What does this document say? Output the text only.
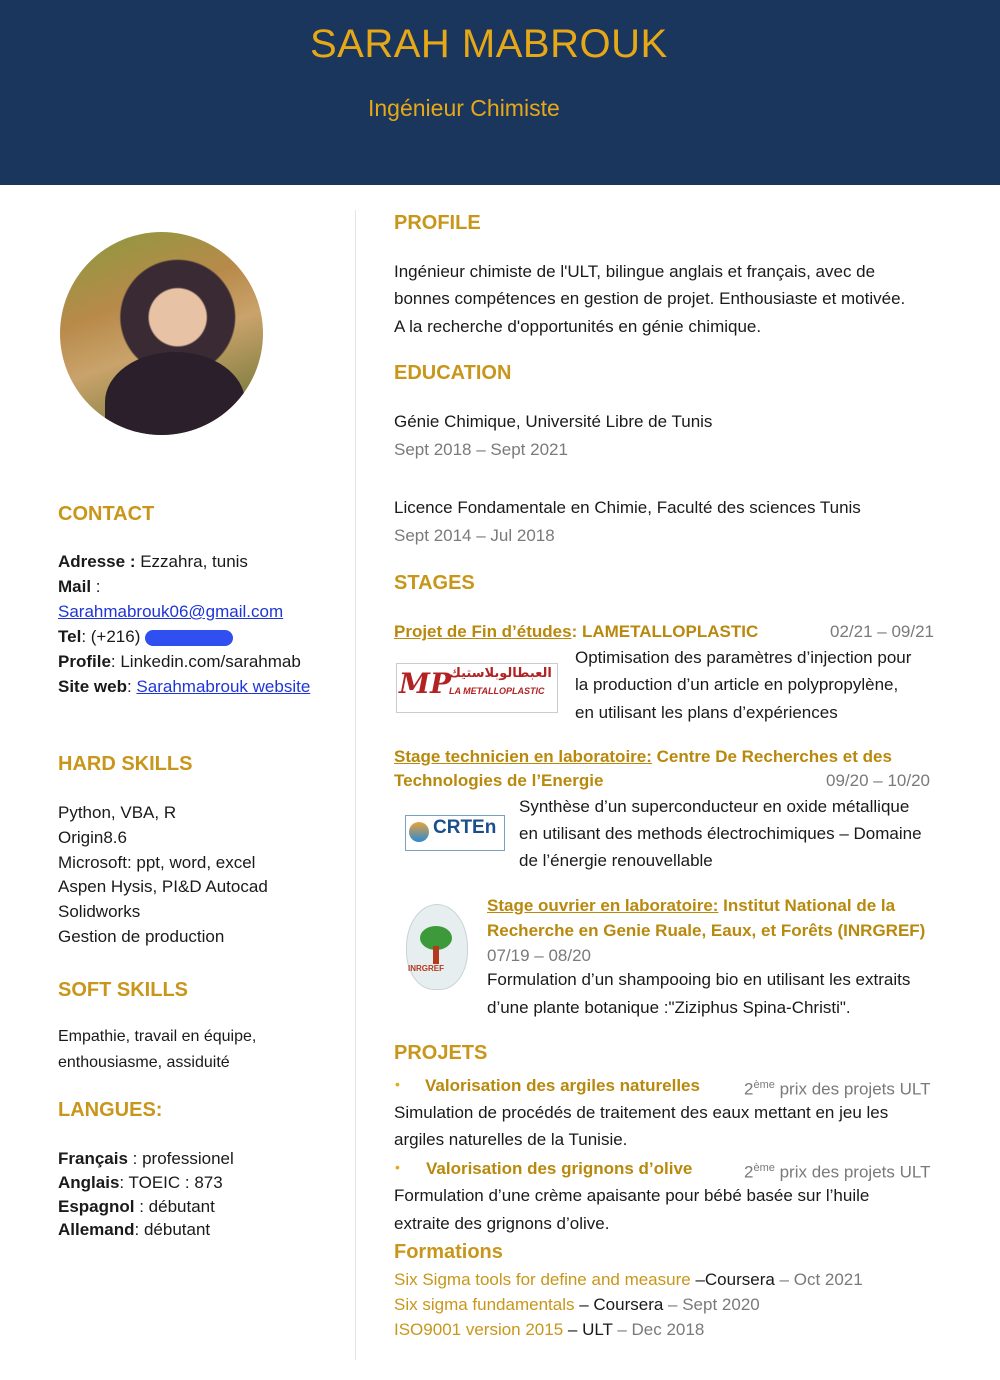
SARAH MABROUK
Ingénieur Chimiste
CONTACT
Adresse : Ezzahra, tunis
Mail :
Sarahmabrouk06@gmail.com
Tel: (+216)
Profile: Linkedin.com/sarahmab
Site web: Sarahmabrouk website
HARD SKILLS
Python, VBA, R
Origin8.6
Microsoft: ppt, word, excel
Aspen Hysis, PI&D Autocad
Solidworks
Gestion de production
SOFT SKILLS
Empathie, travail en équipe,
enthousiasme, assiduité
LANGUES:
Français : professionel
Anglais: TOEIC : 873
Espagnol : débutant
Allemand: débutant
PROFILE
Ingénieur chimiste de l'ULT, bilingue anglais et français, avec de
bonnes compétences en gestion de projet. Enthousiaste et motivée.
A la recherche d'opportunités en génie chimique.
EDUCATION
Génie Chimique, Université Libre de Tunis
Sept 2018 – Sept 2021
Licence Fondamentale en Chimie, Faculté des sciences Tunis
Sept 2014 – Jul 2018
STAGES
Projet de Fin d’études: LAMETALLOPLASTIC	02/21 – 09/21
MP
العبطالوبلاستيك
LA METALLOPLASTIC
Optimisation des paramètres d’injection pour
la production d’un article en polypropylène,
en utilisant les plans d’expériences
Stage technicien en laboratoire: Centre De Recherches et des
Technologies de l’Energie	09/20 – 10/20
CRTEn
Synthèse d’un superconducteur en oxide métallique
en utilisant des methods électrochimiques – Domaine
de l’énergie renouvellable
Stage ouvrier en laboratoire: Institut National de la
Recherche en Genie Ruale, Eaux, et Forêts (INRGREF)
07/19 – 08/20
INRGREF
Formulation d’un shampooing bio en utilisant les extraits
d’une plante botanique :"Ziziphus Spina-Christi".
PROJETS
• Valorisation des argiles naturelles	2ème prix des projets ULT
Simulation de procédés de traitement des eaux mettant en jeu les
argiles naturelles de la Tunisie.
• Valorisation des grignons d’olive	2ème prix des projets ULT
Formulation d’une crème apaisante pour bébé basée sur l’huile
extraite des grignons d’olive.
Formations
Six Sigma tools for define and measure –Coursera – Oct 2021
Six sigma fundamentals – Coursera – Sept 2020
ISO9001 version 2015 – ULT – Dec 2018
